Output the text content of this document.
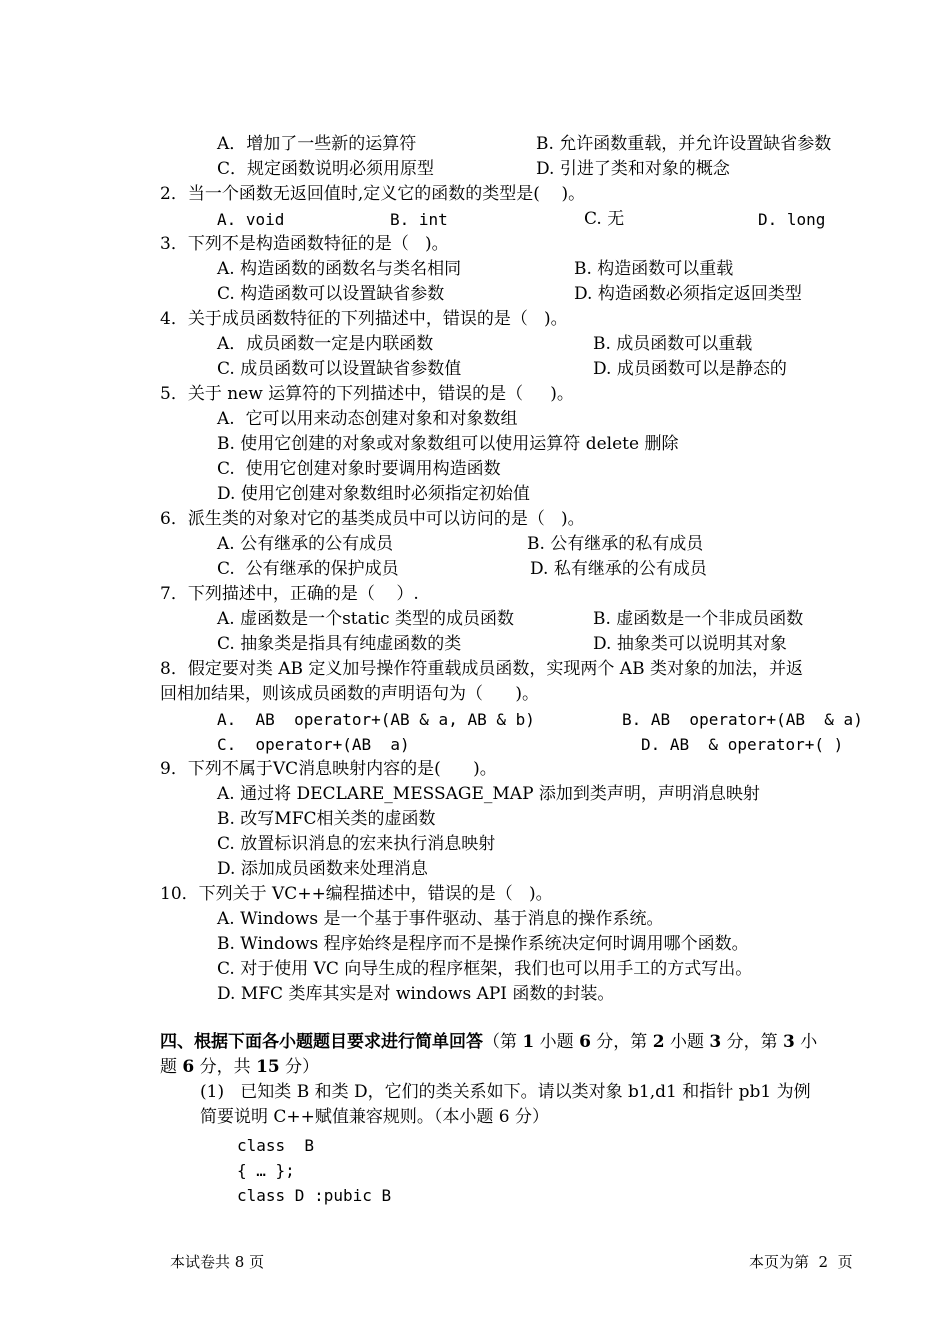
A．增加了一些新的运算符	B. 允许函数重载，并允许设置缺省参数
C．规定函数说明必须用原型	D. 引进了类和对象的概念
2．当一个函数无返回值时,定义它的函数的类型是(    )。
A. void	B. int	C. 无	D. long
3．下列不是构造函数特征的是（   )。
A. 构造函数的函数名与类名相同	B. 构造函数可以重载
C. 构造函数可以设置缺省参数	D. 构造函数必须指定返回类型
4．关于成员函数特征的下列描述中，错误的是（   )。
A．成员函数一定是内联函数	B. 成员函数可以重载
C. 成员函数可以设置缺省参数值	D. 成员函数可以是静态的
5．关于 new 运算符的下列描述中，错误的是（     )。
A.  它可以用来动态创建对象和对象数组
B. 使用它创建的对象或对象数组可以使用运算符 delete 删除
C.  使用它创建对象时要调用构造函数
D. 使用它创建对象数组时必须指定初始值
6．派生类的对象对它的基类成员中可以访问的是（   )。
A. 公有继承的公有成员	B. 公有继承的私有成员
C.  公有继承的保护成员	D. 私有继承的公有成员
7．下列描述中，正确的是（    ）.
A. 虚函数是一个static 类型的成员函数	B. 虚函数是一个非成员函数
C. 抽象类是指具有纯虚函数的类	D. 抽象类可以说明其对象
8．假定要对类 AB 定义加号操作符重载成员函数，实现两个 AB 类对象的加法，并返
回相加结果，则该成员函数的声明语句为（      )。
A.  AB  operator+(AB & a, AB & b)	B. AB  operator+(AB  & a)
C.  operator+(AB  a)	D. AB  & operator+( )
9．下列不属于VC消息映射内容的是(      )。
A. 通过将 DECLARE_MESSAGE_MAP 添加到类声明，声明消息映射
B. 改写MFC相关类的虚函数
C. 放置标识消息的宏来执行消息映射
D. 添加成员函数来处理消息
10．下列关于 VC++编程描述中，错误的是（   )。
A. Windows 是一个基于事件驱动、基于消息的操作系统。
B. Windows 程序始终是程序而不是操作系统决定何时调用哪个函数。
C. 对于使用 VC 向导生成的程序框架，我们也可以用手工的方式写出。
D. MFC 类库其实是对 windows API 函数的封装。
四、根据下面各小题题目要求进行简单回答（第 1 小题 6 分，第 2 小题 3 分，第 3 小
题 6 分，共 15 分）
(1)   已知类 B 和类 D，它们的类关系如下。请以类对象 b1,d1 和指针 pb1 为例
简要说明 C++赋值兼容规则。（本小题 6 分）
class  B
{ … };
class D :pubic B
本试卷共 8 页	本页为第  2  页
